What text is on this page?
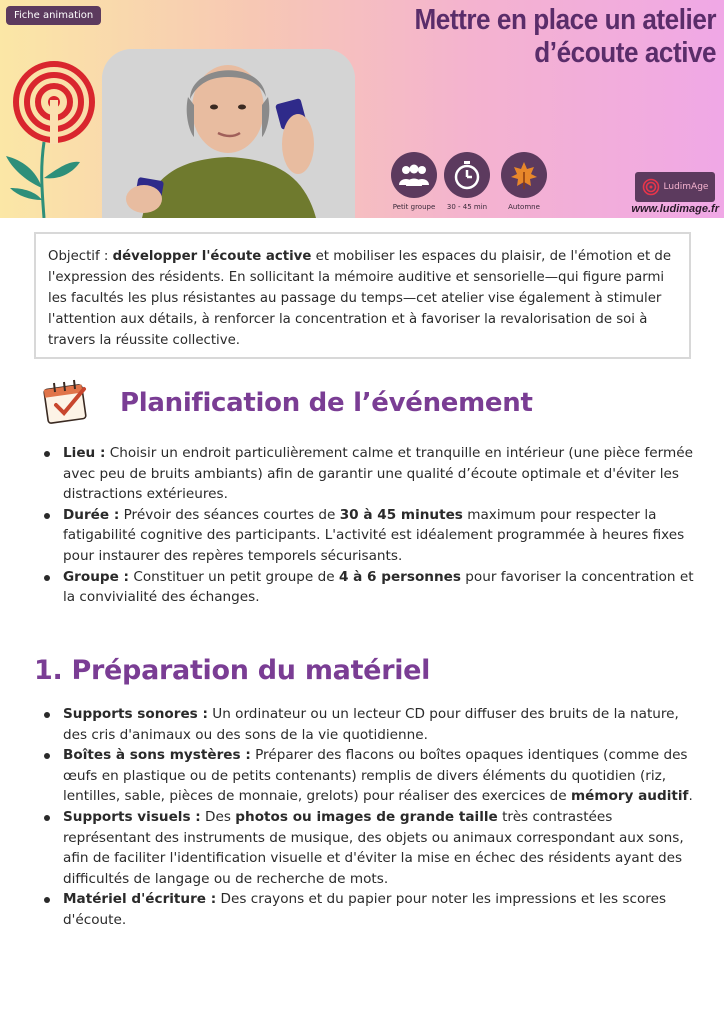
Fiche animation	Mettre en place un atelier
d’écoute active
Petit groupe	30 - 45 min	Automne
LudimAge
www.ludimage.fr
Objectif : développer l'écoute active et mobiliser les espaces du plaisir, de l'émotion et de l'expression des résidents. En sollicitant la mémoire auditive et sensorielle—qui figure parmi les facultés les plus résistantes au passage du temps—cet atelier vise également à stimuler l'attention aux détails, à renforcer la concentration et à favoriser la revalorisation de soi à travers la réussite collective.
Planification de l’événement
Lieu : Choisir un endroit particulièrement calme et tranquille en intérieur (une pièce fermée avec peu de bruits ambiants) afin de garantir une qualité d’écoute optimale et d'éviter les distractions extérieures.
Durée : Prévoir des séances courtes de 30 à 45 minutes maximum pour respecter la fatigabilité cognitive des participants. L'activité est idéalement programmée à heures fixes pour instaurer des repères temporels sécurisants.
Groupe : Constituer un petit groupe de 4 à 6 personnes pour favoriser la concentration et la convivialité des échanges.
1. Préparation du matériel
Supports sonores : Un ordinateur ou un lecteur CD pour diffuser des bruits de la nature, des cris d'animaux ou des sons de la vie quotidienne.
Boîtes à sons mystères : Préparer des flacons ou boîtes opaques identiques (comme des œufs en plastique ou de petits contenants) remplis de divers éléments du quotidien (riz, lentilles, sable, pièces de monnaie, grelots) pour réaliser des exercices de mémory auditif.
Supports visuels : Des photos ou images de grande taille très contrastées représentant des instruments de musique, des objets ou animaux correspondant aux sons, afin de faciliter l'identification visuelle et d'éviter la mise en échec des résidents ayant des difficultés de langage ou de recherche de mots.
Matériel d'écriture : Des crayons et du papier pour noter les impressions et les scores d'écoute.
